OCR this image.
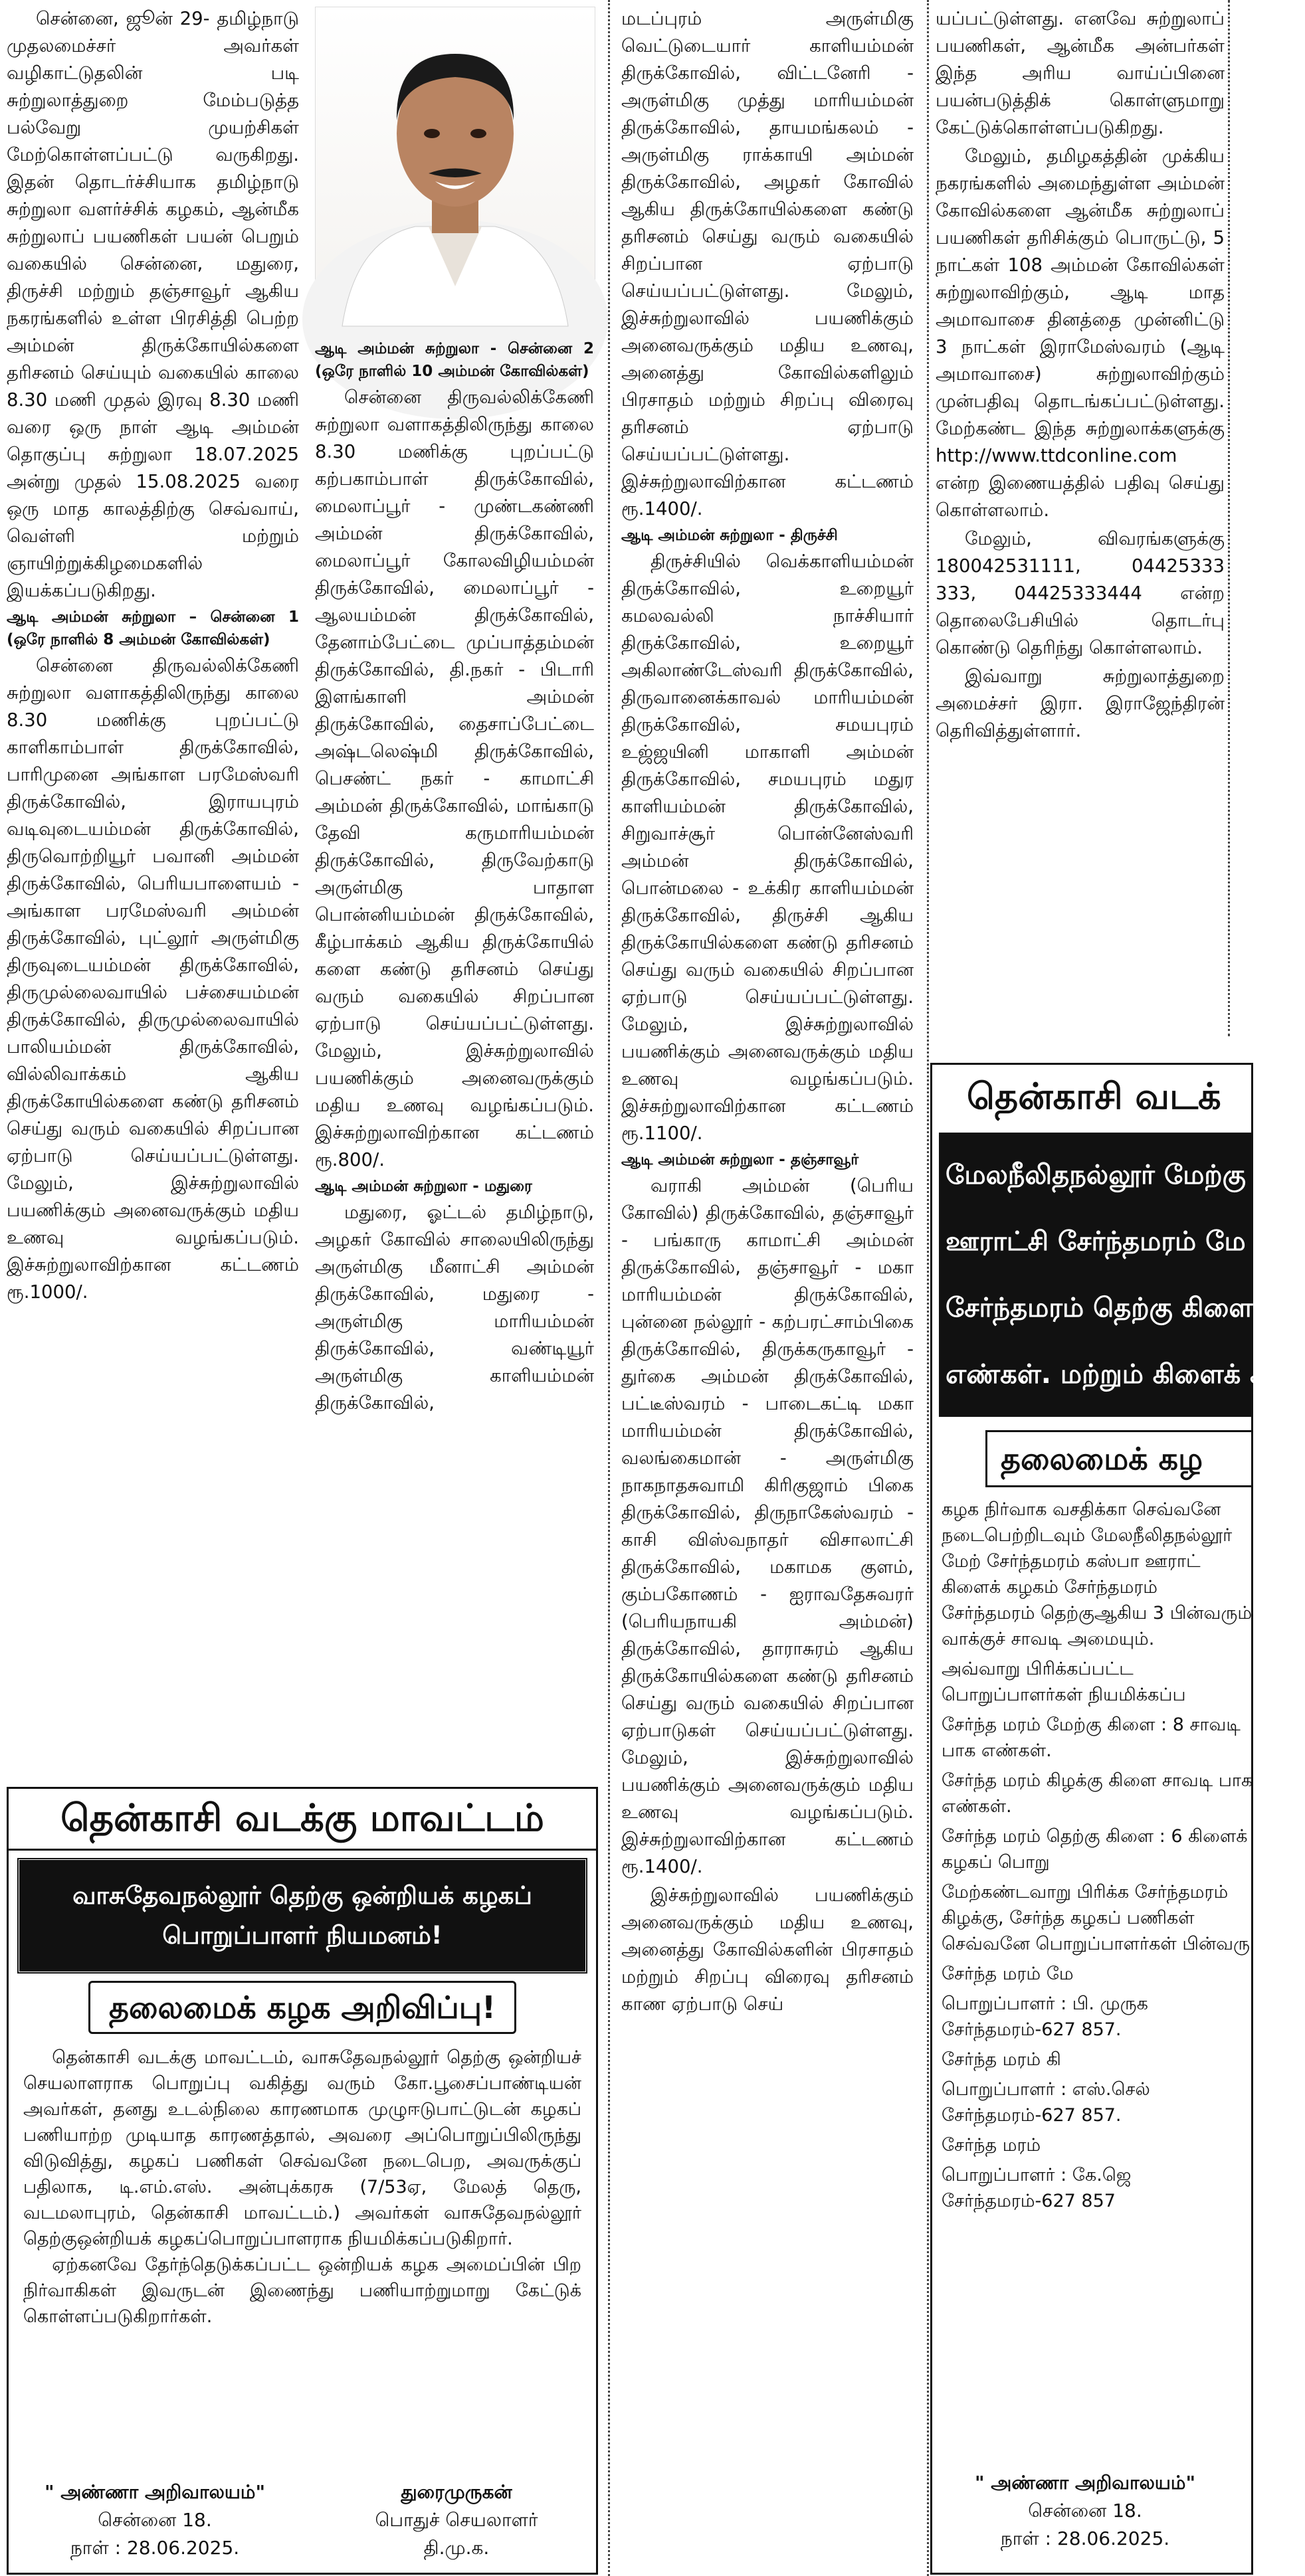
சென்னை, ஜூன் 29- தமிழ்நாடு முதலமைச்சர் அவர்கள் வழிகாட்டுதலின் படி சுற்றுலாத்துறை மேம்படுத்த பல்வேறு முயற்சிகள் மேற்கொள்ளப்பட்டு வருகிறது. இதன் தொடர்ச்சியாக தமிழ்நாடு சுற்றுலா வளர்ச்சிக் கழகம், ஆன்மீக சுற்றுலாப் பயணிகள் பயன் பெறும் வகையில் சென்னை, மதுரை, திருச்சி மற்றும் தஞ்சாவூர் ஆகிய நகரங்களில் உள்ள பிரசித்தி பெற்ற அம்மன் திருக்கோயில்களை தரிசனம் செய்யும் வகையில் காலை 8.30 மணி முதல் இரவு 8.30 மணி வரை ஒரு நாள் ஆடி அம்மன் தொகுப்பு சுற்றுலா 18.07.2025 அன்று முதல் 15.08.2025 வரை ஒரு மாத காலத்திற்கு செவ்வாய், வெள்ளி மற்றும் ஞாயிற்றுக்கிழமைகளில் இயக்கப்படுகிறது.

ஆடி அம்மன் சுற்றுலா – சென்னை 1 (ஒரே நாளில் 8 அம்மன் கோவில்கள்)

சென்னை திருவல்லிக்கேணி சுற்றுலா வளாகத்திலிருந்து காலை 8.30 மணிக்கு புறப்பட்டு காளிகாம்பாள் திருக்கோவில், பாரிமுனை அங்காள பரமேஸ்வரி திருக்கோவில், இராயபுரம் வடிவுடையம்மன் திருக்கோவில், திருவொற்றியூர் பவானி அம்மன் திருக்கோவில், பெரியபாளையம் - அங்காள பரமேஸ்வரி அம்மன் திருக்கோவில், புட்லூர் அருள்மிகு திருவுடையம்மன் திருக்கோவில், திருமுல்லைவாயில் பச்சையம்மன் திருக்கோவில், திருமுல்லைவாயில் பாலியம்மன் திருக்கோவில், வில்லிவாக்கம் ஆகிய திருக்கோயில்களை கண்டு தரிசனம் செய்து வரும் வகையில் சிறப்பான ஏற்பாடு செய்யப்பட்டுள்ளது. மேலும், இச்சுற்றுலாவில் பயணிக்கும் அனைவருக்கும் மதிய உணவு வழங்கப்படும். இச்சுற்றுலாவிற்கான கட்டணம் ரூ.1000/.

ஆடி அம்மன் சுற்றுலா - சென்னை 2 (ஒரே நாளில் 10 அம்மன் கோவில்கள்)

சென்னை திருவல்லிக்கேணி சுற்றுலா வளாகத்திலிருந்து காலை 8.30 மணிக்கு புறப்பட்டு கற்பகாம்பாள் திருக்கோவில், மைலாப்பூர் - முண்டகண்ணி அம்மன் திருக்கோவில், மைலாப்பூர் கோலவிழியம்மன் திருக்கோவில், மைலாப்பூர் - ஆலயம்மன் திருக்கோவில், தேனாம்பேட்டை முப்பாத்தம்மன் திருக்கோவில், தி.நகர் - பிடாரி இளங்காளி அம்மன் திருக்கோவில், தைசாப்பேட்டை அஷ்டலெஷ்மி திருக்கோவில், பெசண்ட் நகர் - காமாட்சி அம்மன் திருக்கோவில், மாங்காடு தேவி கருமாரியம்மன் திருக்கோவில், திருவேற்காடு அருள்மிகு பாதாள பொன்னியம்மன் திருக்கோவில், கீழ்பாக்கம் ஆகிய திருக்கோயில் களை கண்டு தரிசனம் செய்து வரும் வகையில் சிறப்பான ஏற்பாடு செய்யப்பட்டுள்ளது. மேலும், இச்சுற்றுலாவில் பயணிக்கும் அனைவருக்கும் மதிய உணவு வழங்கப்படும். இச்சுற்றுலாவிற்கான கட்டணம் ரூ.800/.

ஆடி அம்மன் சுற்றுலா - மதுரை

மதுரை, ஓட்டல் தமிழ்நாடு, அழகர் கோவில் சாலையிலிருந்து அருள்மிகு மீனாட்சி அம்மன் திருக்கோவில், மதுரை - அருள்மிகு மாரியம்மன் திருக்கோவில், வண்டியூர் அருள்மிகு காளியம்மன் திருக்கோவில்,

மடப்புரம் அருள்மிகு வெட்டுடையார் காளியம்மன் திருக்கோவில், விட்டனேரி - அருள்மிகு முத்து மாரியம்மன் திருக்கோவில், தாயமங்கலம் - அருள்மிகு ராக்காயி அம்மன் திருக்கோவில், அழகர் கோவில் ஆகிய திருக்கோயில்களை கண்டு தரிசனம் செய்து வரும் வகையில் சிறப்பான ஏற்பாடு செய்யப்பட்டுள்ளது. மேலும், இச்சுற்றுலாவில் பயணிக்கும் அனைவருக்கும் மதிய உணவு, அனைத்து கோவில்களிலும் பிரசாதம் மற்றும் சிறப்பு விரைவு தரிசனம் ஏற்பாடு செய்யப்பட்டுள்ளது. இச்சுற்றுலாவிற்கான கட்டணம் ரூ.1400/.

ஆடி அம்மன் சுற்றுலா - திருச்சி

திருச்சியில் வெக்காளியம்மன் திருக்கோவில், உறையூர் கமலவல்லி நாச்சியார் திருக்கோவில், உறையூர் அகிலாண்டேஸ்வரி திருக்கோவில், திருவானைக்காவல் மாரியம்மன் திருக்கோவில், சமயபுரம் உஜ்ஜயினி மாகாளி அம்மன் திருக்கோவில், சமயபுரம் மதுர காளியம்மன் திருக்கோவில், சிறுவாச்சூர் பொன்னேஸ்வரி அம்மன் திருக்கோவில், பொன்மலை - உக்கிர காளியம்மன் திருக்கோவில், திருச்சி ஆகிய திருக்கோயில்களை கண்டு தரிசனம் செய்து வரும் வகையில் சிறப்பான ஏற்பாடு செய்யப்பட்டுள்ளது. மேலும், இச்சுற்றுலாவில் பயணிக்கும் அனைவருக்கும் மதிய உணவு வழங்கப்படும். இச்சுற்றுலாவிற்கான கட்டணம் ரூ.1100/.

ஆடி அம்மன் சுற்றுலா - தஞ்சாவூர்

வராகி அம்மன் (பெரிய கோவில்) திருக்கோவில், தஞ்சாவூர் - பங்காரு காமாட்சி அம்மன் திருக்கோவில், தஞ்சாவூர் - மகா மாரியம்மன் திருக்கோவில், புன்னை நல்லூர் - கற்பரட்சாம்பிகை திருக்கோவில், திருக்கருகாவூர் - துர்கை அம்மன் திருக்கோவில், பட்டீஸ்வரம் - பாடைகட்டி மகா மாரியம்மன் திருக்கோவில், வலங்கைமான் - அருள்மிகு நாகநாதசுவாமி கிரிகுஜாம் பிகை திருக்கோவில், திருநாகேஸ்வரம் - காசி விஸ்வநாதர் விசாலாட்சி திருக்கோவில், மகாமக குளம், கும்பகோணம் - ஐராவதேசுவரர் (பெரியநாயகி அம்மன்) திருக்கோவில், தாராசுரம் ஆகிய திருக்கோயில்களை கண்டு தரிசனம் செய்து வரும் வகையில் சிறப்பான ஏற்பாடுகள் செய்யப்பட்டுள்ளது. மேலும், இச்சுற்றுலாவில் பயணிக்கும் அனைவருக்கும் மதிய உணவு வழங்கப்படும். இச்சுற்றுலாவிற்கான கட்டணம் ரூ.1400/.

இச்சுற்றுலாவில் பயணிக்கும் அனைவருக்கும் மதிய உணவு, அனைத்து கோவில்களின் பிரசாதம் மற்றும் சிறப்பு விரைவு தரிசனம் காண ஏற்பாடு செய்

யப்பட்டுள்ளது. எனவே சுற்றுலாப் பயணிகள், ஆன்மீக அன்பர்கள் இந்த அரிய வாய்ப்பினை பயன்படுத்திக் கொள்ளுமாறு கேட்டுக்கொள்ளப்படுகிறது.

மேலும், தமிழகத்தின் முக்கிய நகரங்களில் அமைந்துள்ள அம்மன் கோவில்களை ஆன்மீக சுற்றுலாப் பயணிகள் தரிசிக்கும் பொருட்டு, 5 நாட்கள் 108 அம்மன் கோவில்கள் சுற்றுலாவிற்கும், ஆடி மாத அமாவாசை தினத்தை முன்னிட்டு 3 நாட்கள் இராமேஸ்வரம் (ஆடி அமாவாசை) சுற்றுலாவிற்கும் முன்பதிவு தொடங்கப்பட்டுள்ளது. மேற்கண்ட இந்த சுற்றுலாக்களுக்கு http://www.ttdconline.com என்ற இணையத்தில் பதிவு செய்து கொள்ளலாம்.

மேலும், விவரங்களுக்கு 180042531111, 04425333 333, 04425333444 என்ற தொலைபேசியில் தொடர்பு கொண்டு தெரிந்து கொள்ளலாம்.

இவ்வாறு சுற்றுலாத்துறை அமைச்சர் இரா. இராஜேந்திரன் தெரிவித்துள்ளார்.

தென்காசி வடக்கு மாவட்டம்
வாசுதேவநல்லூர் தெற்கு ஒன்றியக் கழகப் பொறுப்பாளர் நியமனம்!
தலைமைக் கழக அறிவிப்பு!

தென்காசி வடக்கு மாவட்டம், வாசுதேவநல்லூர் தெற்கு ஒன்றியச் செயலாளராக பொறுப்பு வகித்து வரும் கோ.பூசைப்பாண்டியன் அவர்கள், தனது உடல்நிலை காரணமாக முழுஈடுபாட்டுடன் கழகப் பணியாற்ற முடியாத காரணத்தால், அவரை அப்பொறுப்பிலிருந்து விடுவித்து, கழகப் பணிகள் செவ்வனே நடைபெற, அவருக்குப் பதிலாக, டி.எம்.எஸ். அன்புக்கரசு (7/53ஏ, மேலத் தெரு, வடமலாபுரம், தென்காசி மாவட்டம்.) அவர்கள் வாசுதேவநல்லூர் தெற்குஒன்றியக் கழகப்பொறுப்பாளராக நியமிக்கப்படுகிறார்.

ஏற்கனவே தேர்ந்தெடுக்கப்பட்ட ஒன்றியக் கழக அமைப்பின் பிற நிர்வாகிகள் இவருடன் இணைந்து பணியாற்றுமாறு கேட்டுக் கொள்ளப்படுகிறார்கள்.

" அண்ணா அறிவாலயம்"
சென்னை 18.
நாள் : 28.06.2025.
துரைமுருகன்
பொதுச் செயலாளர்
தி.மு.க.
தென்காசி வடக்
மேலநீலிதநல்லூர் மேற்கு ஒ
ஊராட்சி சேர்ந்தமரம் மே
சேர்ந்தமரம் தெற்கு கிளைக்
எண்கள். மற்றும் கிளைக் கழக
தலைமைக் கழ
கழக நிர்வாக வசதிக்கா செவ்வனே நடைபெற்றிடவும் மேலநீலிதநல்லூர் மேற் சேர்ந்தமரம் கஸ்பா ஊராட் கிளைக் கழகம் சேர்ந்தமரம் சேர்ந்தமரம் தெற்குஆகிய 3 பின்வரும் வாக்குச் சாவடி அமையும்.
அவ்வாறு பிரிக்கப்பட்ட பொறுப்பாளர்கள் நியமிக்கப்ப
சேர்ந்த மரம் மேற்கு கிளை : 8 சாவடி பாக எண்கள்.
சேர்ந்த மரம் கிழக்கு கிளை சாவடி பாக எண்கள்.
சேர்ந்த மரம் தெற்கு கிளை : 6 கிளைக் கழகப் பொறு
மேற்கண்டவாறு பிரிக்க சேர்ந்தமரம் கிழக்கு, சேர்ந்த கழகப் பணிகள் செவ்வனே பொறுப்பாளர்கள் பின்வரு
சேர்ந்த மரம் மே
பொறுப்பாளர் : பி. முருக சேர்ந்தமரம்-627 857.
சேர்ந்த மரம் கி
பொறுப்பாளர் : எஸ்.செல் சேர்ந்தமரம்-627 857.
சேர்ந்த மரம்
பொறுப்பாளர் : கே.ஜெ சேர்ந்தமரம்-627 857
" அண்ணா அறிவாலயம்"
சென்னை 18.
நாள் : 28.06.2025.
